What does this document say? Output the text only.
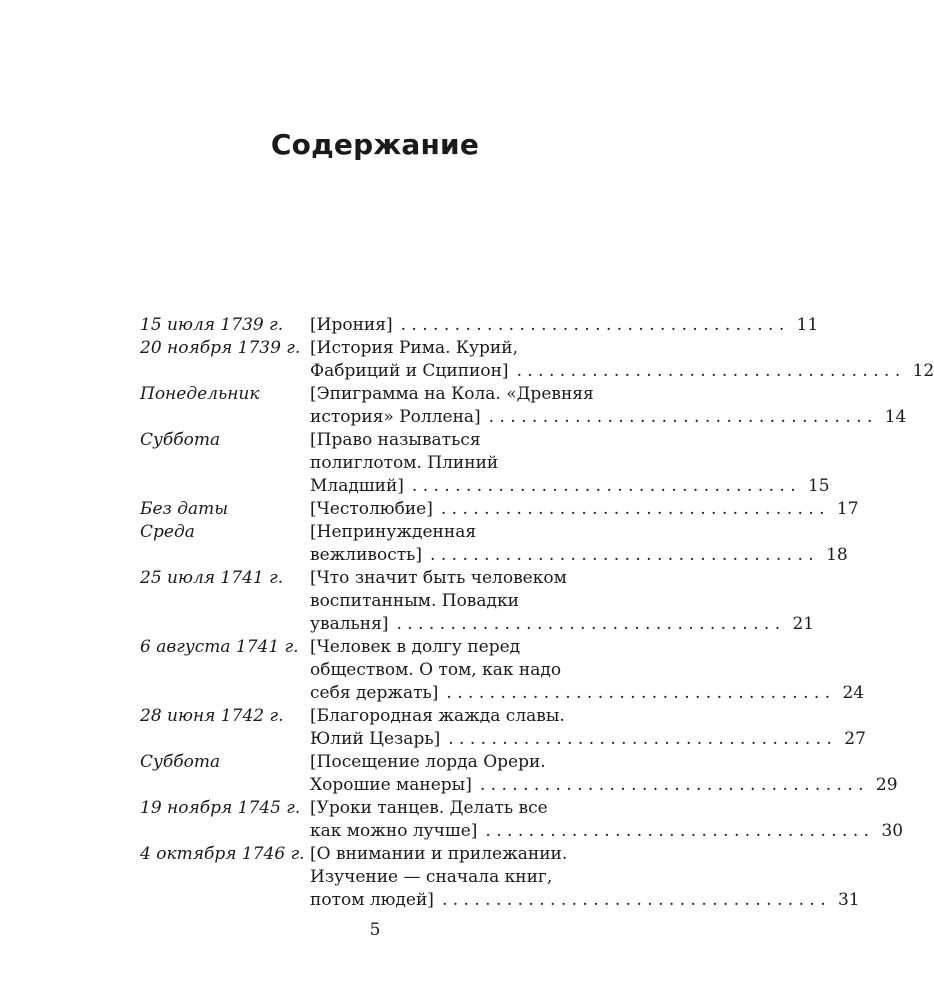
Содержание
15 июля 1739 г.	[Ирония] . . .	11
20 ноября 1739 г. [История Рима. Курий,
Фабриций и Сципион] . . .	12
Понедельник	[Эпиграмма на Кола. «Древняя
история» Роллена] . . .	14
Суббота	[Право называться
полиглотом. Плиний
Младший] . . .	15
Без даты	[Честолюбие] . . .	17
Среда	[Непринужденная
вежливость] . . .	18
25 июля 1741 г.	[Что значит быть человеком
воспитанным. Повадки
увальня] . . .	21
6 августа 1741 г. [Человек в долгу перед
обществом. О том, как надо
себя держать] . . .	24
28 июня 1742 г.	[Благородная жажда славы.
Юлий Цезарь] . . .	27
Суббота	[Посещение лорда Орери.
Хорошие манеры] . . .	29
19 ноября 1745 г. [Уроки танцев. Делать все
как можно лучше] . . .	30
4 октября 1746 г. [О внимании и прилежании.
Изучение — сначала книг,
потом людей] . . .	31
5
